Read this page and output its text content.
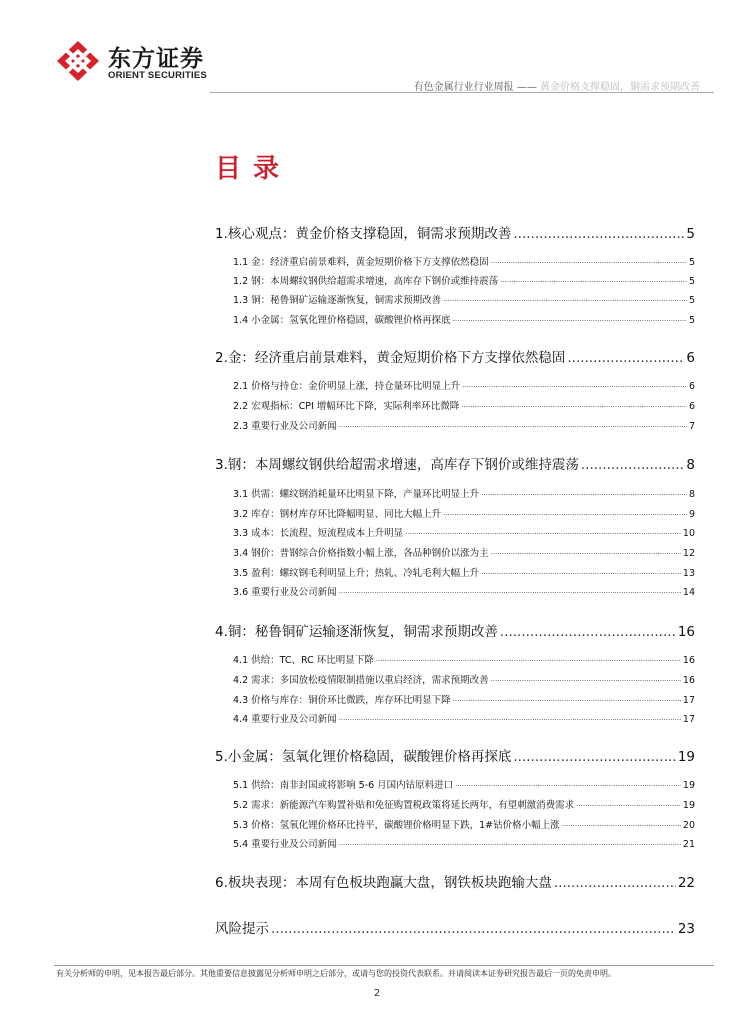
东方证券
ORIENT SECURITIES
有色金属行业行业周报 —— 黄金价格支撑稳固，铜需求预期改善
目录
1.核心观点：黄金价格支撑稳固，铜需求预期改善 .....	5
1.1 金：经济重启前景难料，黄金短期价格下方支撑依然稳固 .....	5
1.2 钢：本周螺纹钢供给超需求增速，高库存下钢价或维持震荡 .....	5
1.3 铜：秘鲁铜矿运输逐渐恢复，铜需求预期改善 .....	5
1.4 小金属：氢氧化锂价格稳固，碳酸锂价格再探底 .....	5
2.金：经济重启前景难料，黄金短期价格下方支撑依然稳固 .....	6
2.1 价格与持仓：金价明显上涨，持仓量环比明显上升 .....	6
2.2 宏观指标：CPI 增幅环比下降，实际利率环比微降 .....	6
2.3 重要行业及公司新闻 .....	7
3.钢：本周螺纹钢供给超需求增速，高库存下钢价或维持震荡 .....	8
3.1 供需：螺纹钢消耗量环比明显下降，产量环比明显上升 .....	8
3.2 库存：钢材库存环比降幅明显、同比大幅上升 .....	9
3.3 成本：长流程、短流程成本上升明显 .....	10
3.4 钢价：普钢综合价格指数小幅上涨，各品种钢价以涨为主 .....	12
3.5 盈利：螺纹钢毛利明显上升；热轧、冷轧毛利大幅上升 .....	13
3.6 重要行业及公司新闻 .....	14
4.铜：秘鲁铜矿运输逐渐恢复，铜需求预期改善 .....	16
4.1 供给：TC、RC 环比明显下降 .....	16
4.2 需求：多国放松疫情限制措施以重启经济，需求预期改善 .....	16
4.3 价格与库存：铜价环比微跌，库存环比明显下降 .....	17
4.4 重要行业及公司新闻 .....	17
5.小金属：氢氧化锂价格稳固，碳酸锂价格再探底 .....	19
5.1 供给：南非封国或将影响 5-6 月国内钴原料进口 .....	19
5.2 需求：新能源汽车购置补贴和免征购置税政策将延长两年，有望刺激消费需求 .....	19
5.3 价格：氢氧化锂价格环比持平，碳酸锂价格明显下跌，1#钴价格小幅上涨 .....	20
5.4 重要行业及公司新闻 .....	21
6.板块表现：本周有色板块跑赢大盘，钢铁板块跑输大盘 .....	22
风险提示 .....	23
有关分析师的申明，见本报告最后部分。其他重要信息披露见分析师申明之后部分，或请与您的投资代表联系。并请阅读本证券研究报告最后一页的免责申明。
2
